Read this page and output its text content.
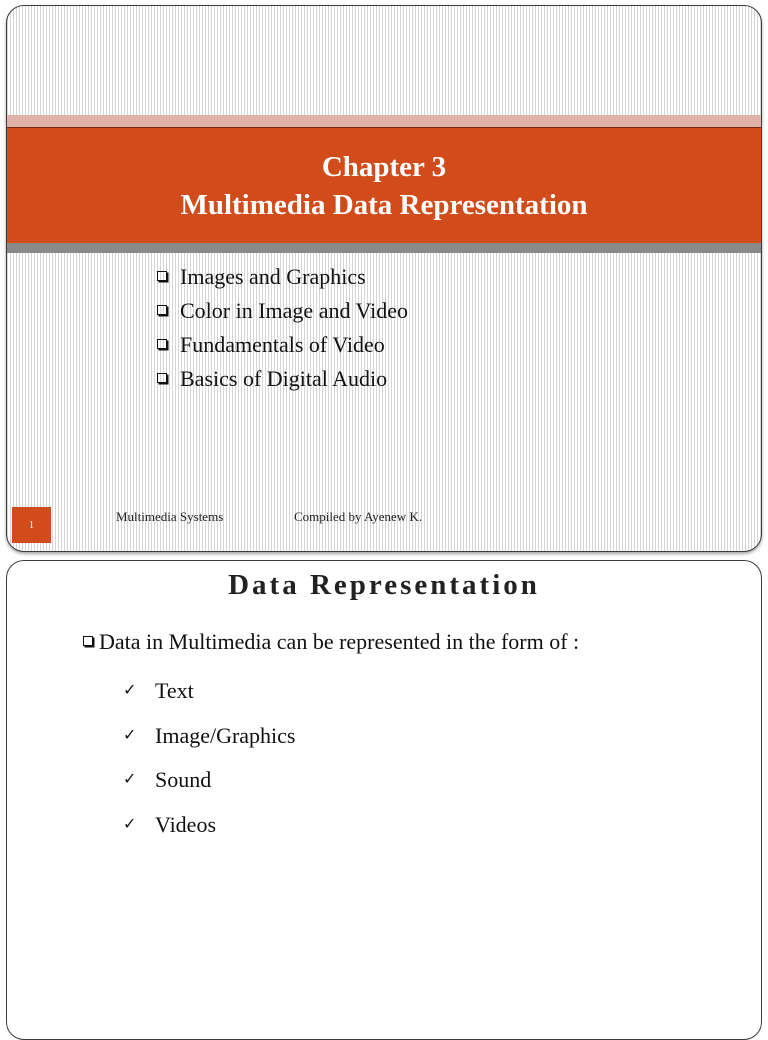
Chapter 3
Multimedia Data Representation
Images and Graphics
Color in Image and Video
Fundamentals of Video
Basics of Digital Audio
1
Multimedia Systems	Compiled by Ayenew K.
Data Representation
Data in Multimedia can be represented in the form of :
✓ Text
✓ Image/Graphics
✓ Sound
✓ Videos
